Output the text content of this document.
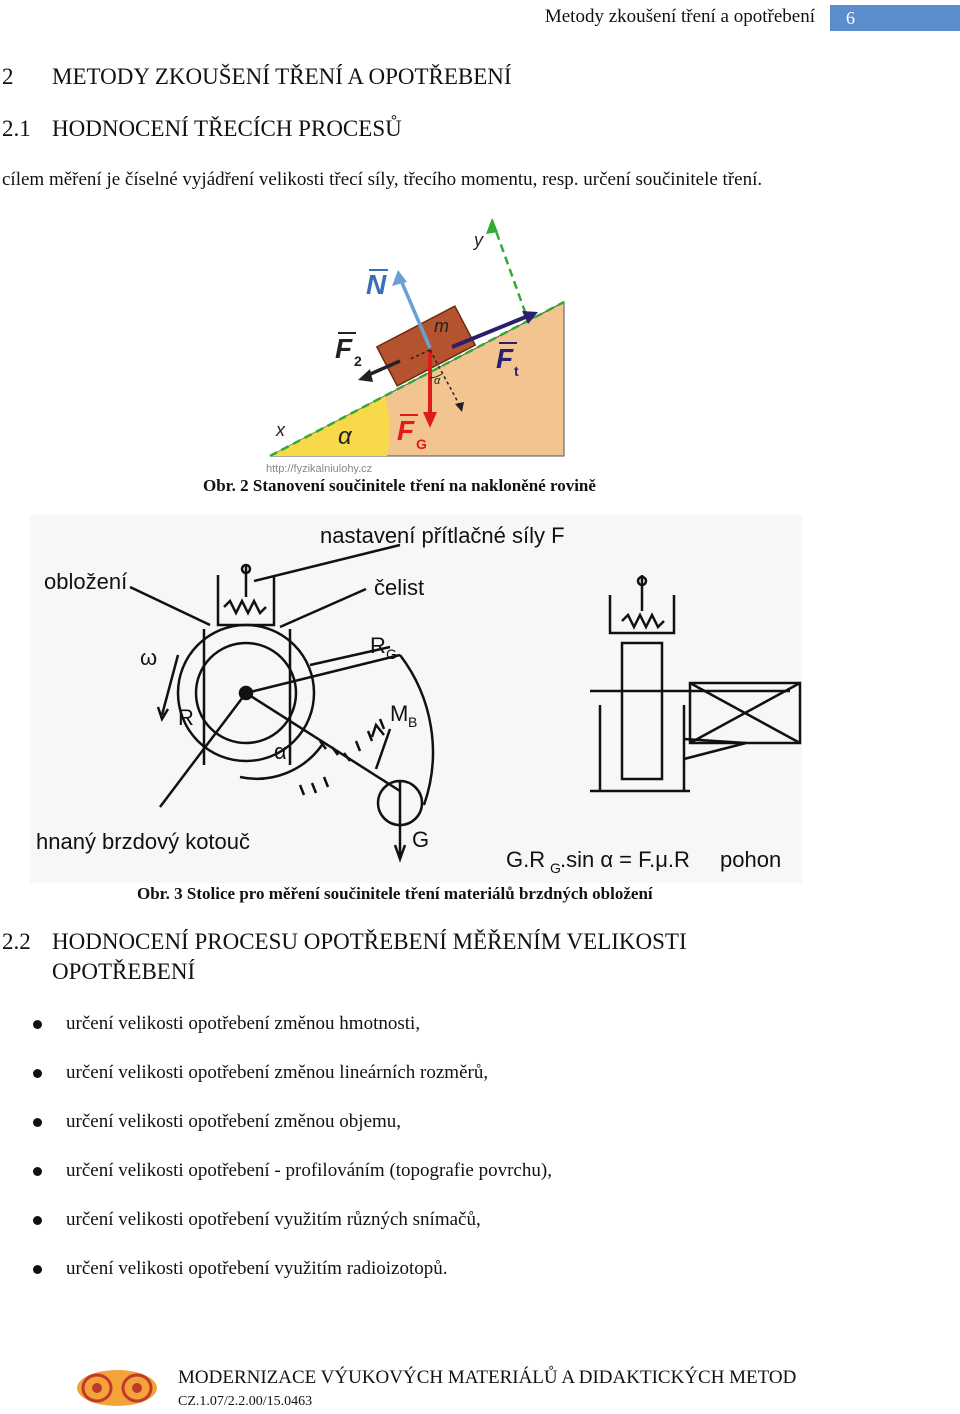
Metody zkoušení tření a opotřebení	6
2 METODY ZKOUŠENÍ TŘENÍ A OPOTŘEBENÍ
2.1 HODNOCENÍ TŘECÍCH PROCESŮ
cílem měření je číselné vyjádření velikosti třecí síly, třecího momentu, resp. určení součinitele tření.
N
F 2	F t
F G
m
α
α
x
y
http://fyzikalniulohy.cz
Obr. 2 Stanovení součinitele tření na nakloněné rovině
nastavení přítlačné síly F
obložení	čelist
ω
R
R G
M B
α
G
hnaný brzdový kotouč
G.R G .sin α = F.μ.R pohon
Obr. 3 Stolice pro měření součinitele tření materiálů brzdných obložení
2.2 HODNOCENÍ PROCESU OPOTŘEBENÍ MĚŘENÍM VELIKOSTI
OPOTŘEBENÍ
určení velikosti opotřebení změnou hmotnosti,
určení velikosti opotřebení změnou lineárních rozměrů,
určení velikosti opotřebení změnou objemu,
určení velikosti opotřebení - profilováním (topografie povrchu),
určení velikosti opotřebení využitím různých snímačů,
určení velikosti opotřebení využitím radioizotopů.
MODERNIZACE VÝUKOVÝCH MATERIÁLŮ A DIDAKTICKÝCH METOD
CZ.1.07/2.2.00/15.0463
